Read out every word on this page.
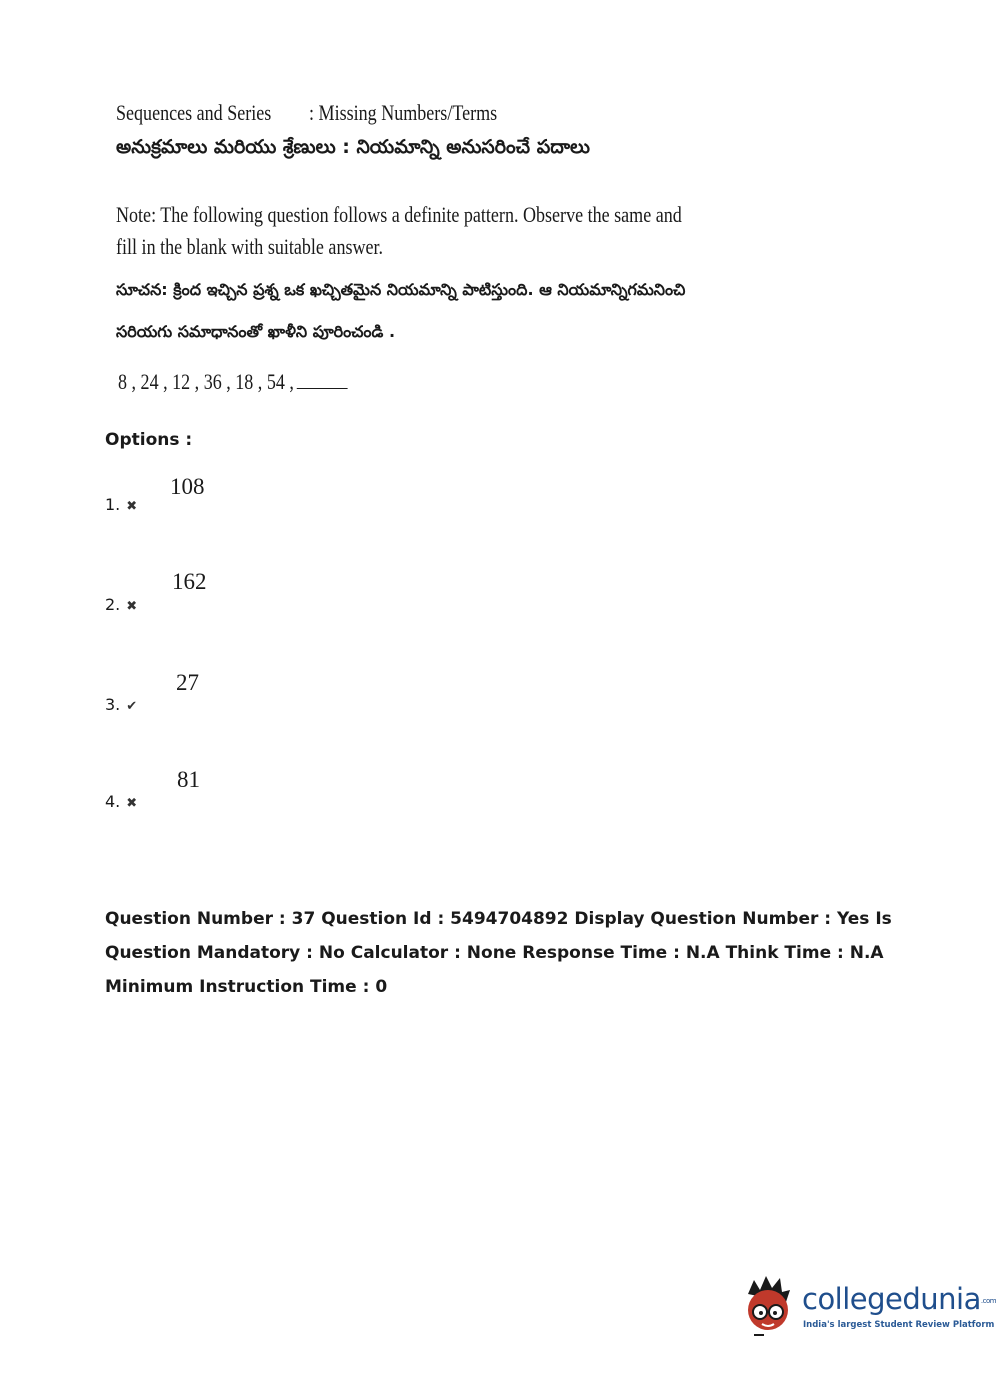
Sequences and Series : Missing Numbers/Terms
అనుక్రమాలు మరియు శ్రేణులు : నియమాన్ని అనుసరించే పదాలు
Note: The following question follows a definite pattern. Observe the same and fill in the blank with suitable answer.
సూచన: క్రింద ఇచ్చిన ప్రశ్న ఒక ఖచ్చితమైన నియమాన్ని పాటిస్తుంది. ఆ నియమాన్నిగమనించి
సరియగు సమాధానంతో ఖాళీని పూరించండి .
8 , 24 , 12 , 36 , 18 , 54 ,
Options :
108
1. ✖
162
2. ✖
27
3. ✔
81
4. ✖
Question Number : 37 Question Id : 5494704892 Display Question Number : Yes Is Question Mandatory : No Calculator : None Response Time : N.A Think Time : N.A Minimum Instruction Time : 0
collegedunia.com
India's largest Student Review Platform
